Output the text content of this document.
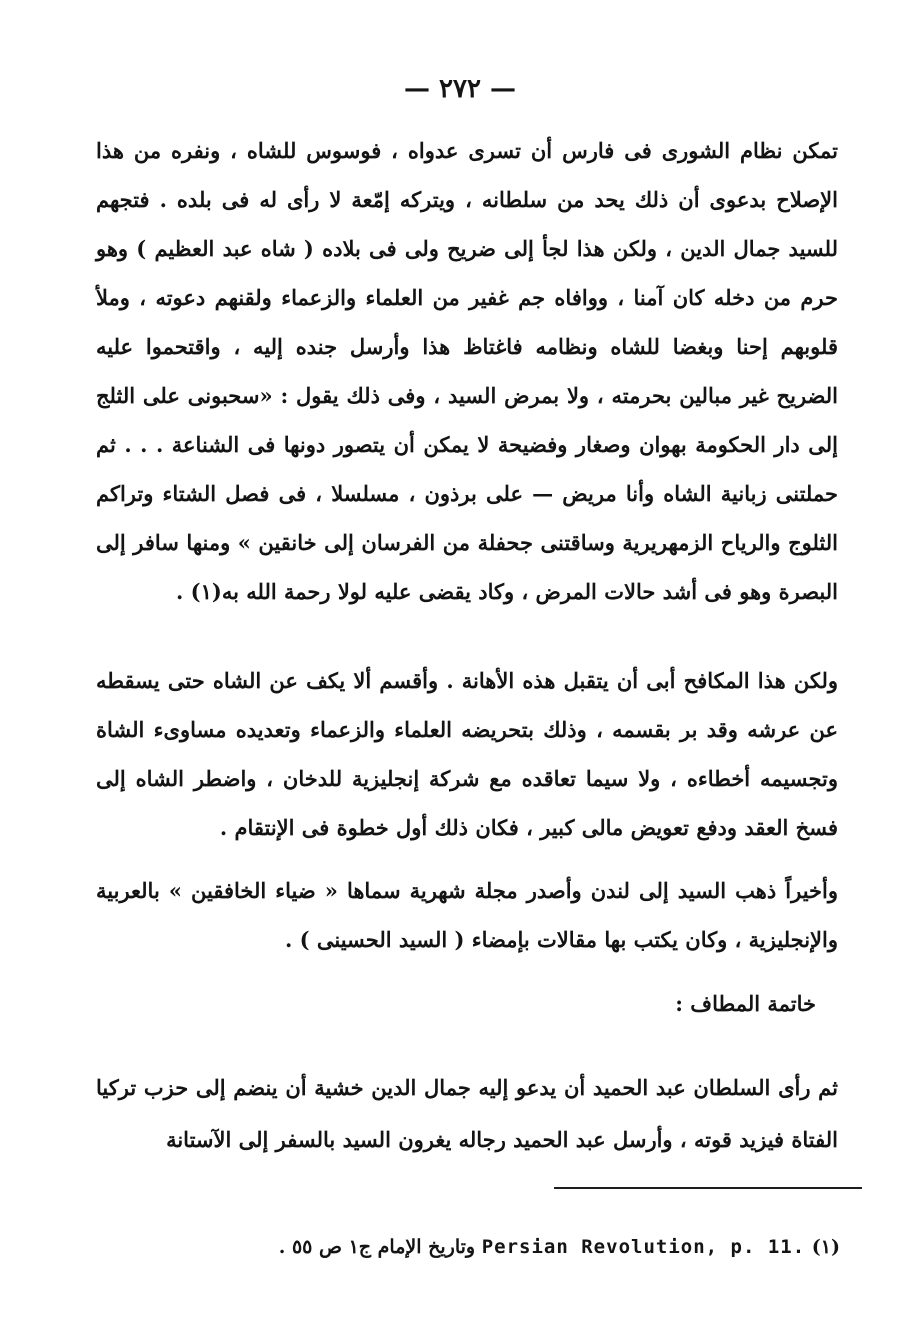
— ٢٧٢ —

تمكن نظام الشورى فى فارس أن تسرى عدواه ، فوسوس للشاه ، ونفره من هذا الإصلاح بدعوى أن ذلك يحد من سلطانه ، ويتركه إمّعة لا رأى له فى بلده . فتجهم للسيد جمال الدين ، ولكن هذا لجأ إلى ضريح ولى فى بلاده ( شاه عبد العظيم ) وهو حرم من دخله كان آمنا ، ووافاه جم غفير من العلماء والزعماء ولقنهم دعوته ، وملأ قلوبهم إحنا وبغضا للشاه ونظامه فاغتاظ هذا وأرسل جنده إليه ، واقتحموا عليه الضريح غير مبالين بحرمته ، ولا بمرض السيد ، وفى ذلك يقول : «سحبونى على الثلج إلى دار الحكومة بهوان وصغار وفضيحة لا يمكن أن يتصور دونها فى الشناعة . . . ثم حملتنى زبانية الشاه وأنا مريض — على برذون ، مسلسلا ، فى فصل الشتاء وتراكم الثلوج والرياح الزمهريرية وساقتنى جحفلة من الفرسان إلى خانقين » ومنها سافر إلى البصرة وهو فى أشد حالات المرض ، وكاد يقضى عليه لولا رحمة الله به(١) .

ولكن هذا المكافح أبى أن يتقبل هذه الأهانة . وأقسم ألا يكف عن الشاه حتى يسقطه عن عرشه وقد بر بقسمه ، وذلك بتحريضه العلماء والزعماء وتعديده مساوىء الشاة وتجسيمه أخطاءه ، ولا سيما تعاقده مع شركة إنجليزية للدخان ، واضطر الشاه إلى فسخ العقد ودفع تعويض مالى كبير ، فكان ذلك أول خطوة فى الإنتقام .

وأخيراً ذهب السيد إلى لندن وأصدر مجلة شهرية سماها « ضياء الخافقين » بالعربية والإنجليزية ، وكان يكتب بها مقالات بإمضاء ( السيد الحسينى ) .

خاتمة المطاف :

ثم رأى السلطان عبد الحميد أن يدعو إليه جمال الدين خشية أن ينضم إلى حزب تركيا الفتاة فيزيد قوته ، وأرسل عبد الحميد رجاله يغرون السيد بالسفر إلى الآستانة

(١) Persian Revolution, p. 11. وتاريخ الإمام ج١ ص ٥٥ .
